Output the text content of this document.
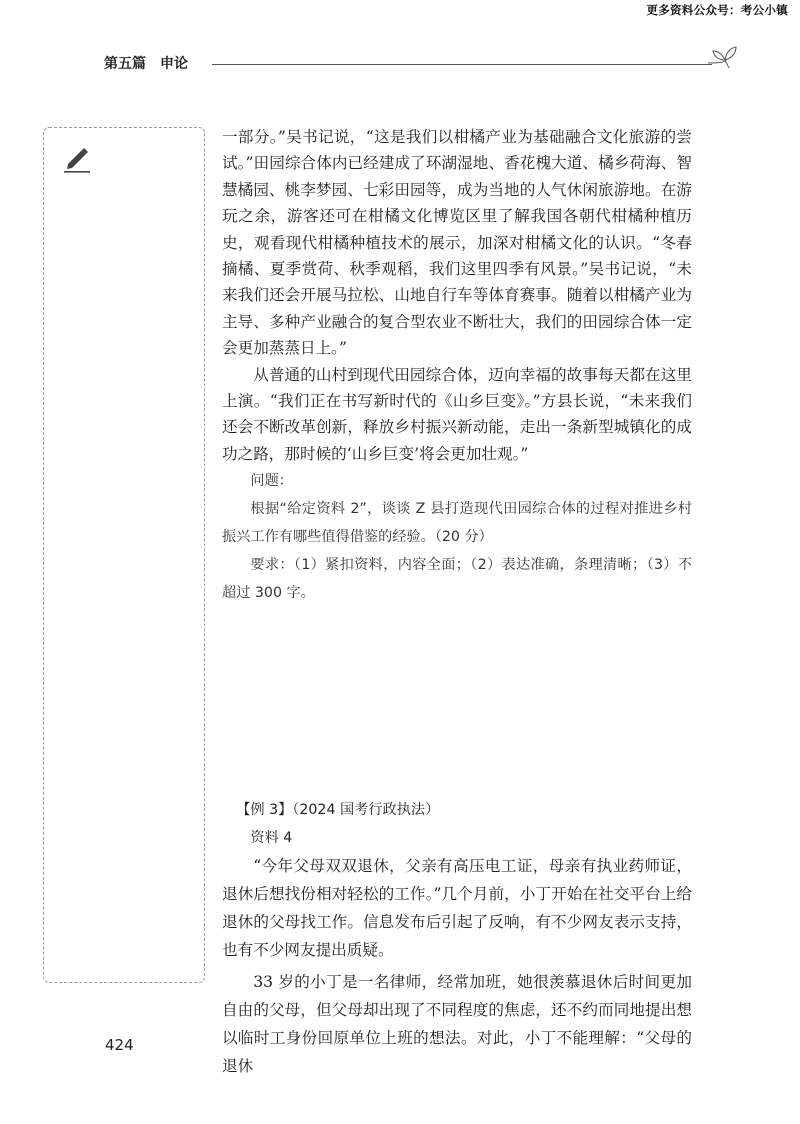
更多资料公众号：考公小镇
第五篇 申论

一部分。”吴书记说，“这是我们以柑橘产业为基础融合文化旅游的尝试。”田园综合体内已经建成了环湖湿地、香花槐大道、橘乡荷海、智慧橘园、桃李梦园、七彩田园等，成为当地的人气休闲旅游地。在游玩之余，游客还可在柑橘文化博览区里了解我国各朝代柑橘种植历史，观看现代柑橘种植技术的展示，加深对柑橘文化的认识。“冬春摘橘、夏季赏荷、秋季观稻，我们这里四季有风景。”吴书记说，“未来我们还会开展马拉松、山地自行车等体育赛事。随着以柑橘产业为主导、多种产业融合的复合型农业不断壮大，我们的田园综合体一定会更加蒸蒸日上。”

从普通的山村到现代田园综合体，迈向幸福的故事每天都在这里上演。“我们正在书写新时代的《山乡巨变》。”方县长说，“未来我们还会不断改革创新，释放乡村振兴新动能，走出一条新型城镇化的成功之路，那时候的‘山乡巨变’将会更加壮观。”

问题：

根据“给定资料 2”，谈谈 Z 县打造现代田园综合体的过程对推进乡村振兴工作有哪些值得借鉴的经验。（20 分）

要求：（1）紧扣资料，内容全面；（2）表达准确，条理清晰；（3）不超过 300 字。

【例 3】（2024 国考行政执法）

资料 4

“今年父母双双退休，父亲有高压电工证，母亲有执业药师证，退休后想找份相对轻松的工作。”几个月前，小丁开始在社交平台上给退休的父母找工作。信息发布后引起了反响，有不少网友表示支持，也有不少网友提出质疑。

33 岁的小丁是一名律师，经常加班，她很羡慕退休后时间更加自由的父母，但父母却出现了不同程度的焦虑，还不约而同地提出想以临时工身份回原单位上班的想法。对此，小丁不能理解：“父母的退休

424
